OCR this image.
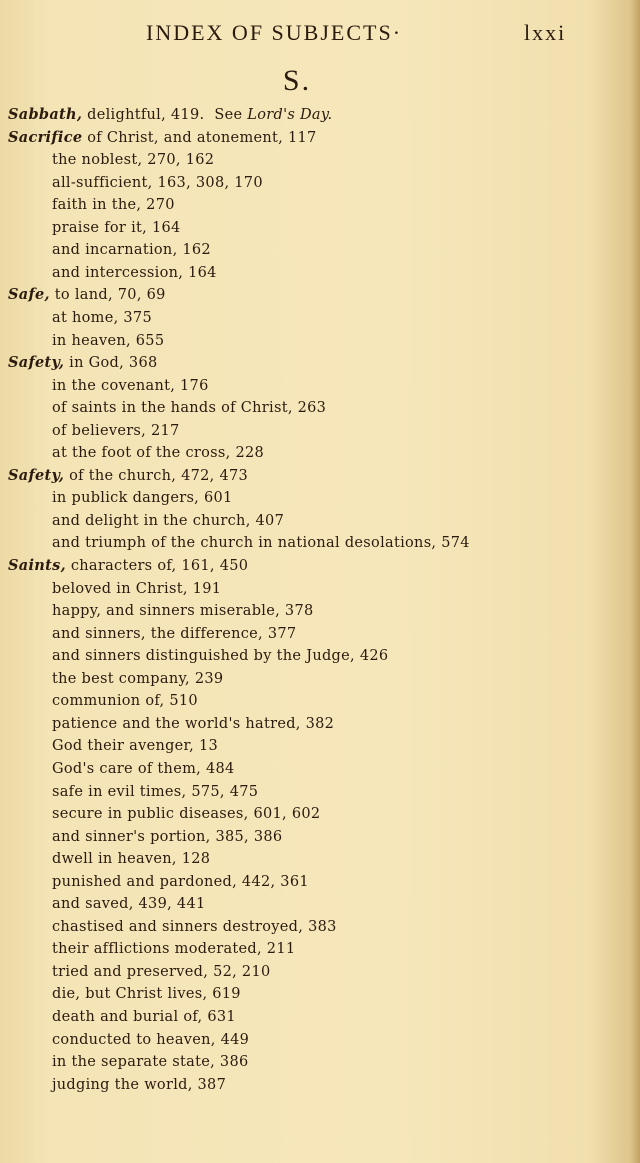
INDEX OF SUBJECTS·	lxxi
S.
Sabbath, delightful, 419. See Lord's Day.
Sacrifice of Christ, and atonement, 117
the noblest, 270, 162
all-sufficient, 163, 308, 170
faith in the, 270
praise for it, 164
and incarnation, 162
and intercession, 164
Safe, to land, 70, 69
at home, 375
in heaven, 655
Safety, in God, 368
in the covenant, 176
of saints in the hands of Christ, 263
of believers, 217
at the foot of the cross, 228
Safety, of the church, 472, 473
in publick dangers, 601
and delight in the church, 407
and triumph of the church in national desolations, 574
Saints, characters of, 161, 450
beloved in Christ, 191
happy, and sinners miserable, 378
and sinners, the difference, 377
and sinners distinguished by the Judge, 426
the best company, 239
communion of, 510
patience and the world's hatred, 382
God their avenger, 13
God's care of them, 484
safe in evil times, 575, 475
secure in public diseases, 601, 602
and sinner's portion, 385, 386
dwell in heaven, 128
punished and pardoned, 442, 361
and saved, 439, 441
chastised and sinners destroyed, 383
their afflictions moderated, 211
tried and preserved, 52, 210
die, but Christ lives, 619
death and burial of, 631
conducted to heaven, 449
in the separate state, 386
judging the world, 387
